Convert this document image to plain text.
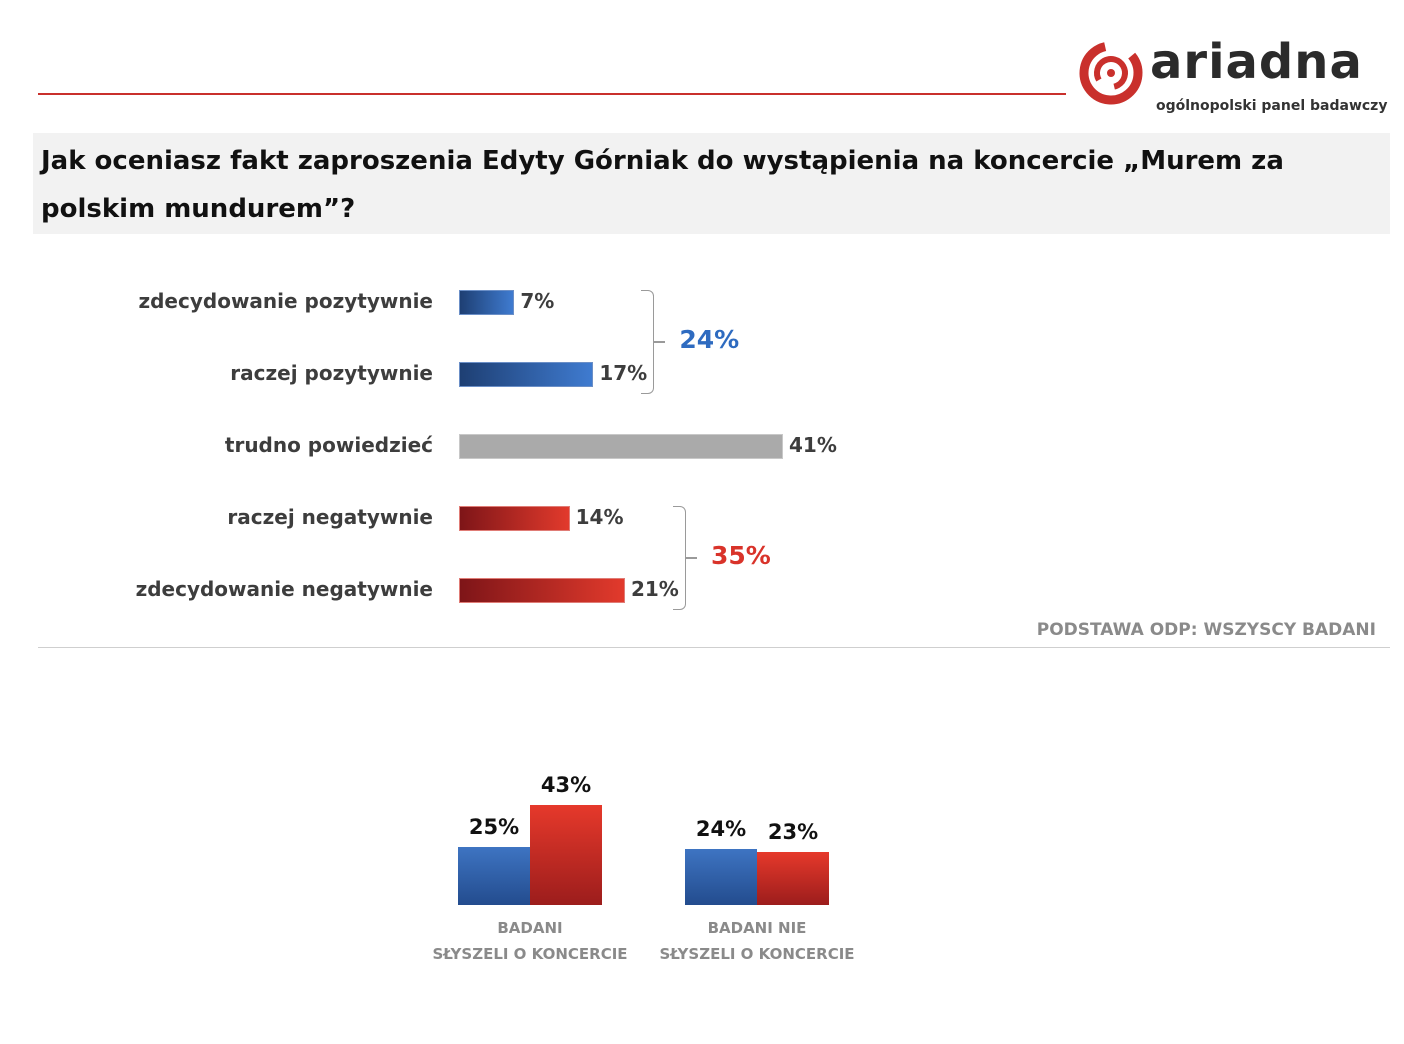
ariadna
ogólnopolski panel badawczy
Jak oceniasz fakt zaproszenia Edyty Górniak do wystąpienia na koncercie „Murem za polskim mundurem”?
zdecydowanie pozytywnie	7%
raczej pozytywnie	17%
trudno powiedzieć	41%
raczej negatywnie	14%
zdecydowanie negatywnie	21%
24%
35%
PODSTAWA ODP: WSZYSCY BADANI
25%
43%
BADANI
SŁYSZELI O KONCERCIE
24%	23%
BADANI NIE
SŁYSZELI O KONCERCIE
